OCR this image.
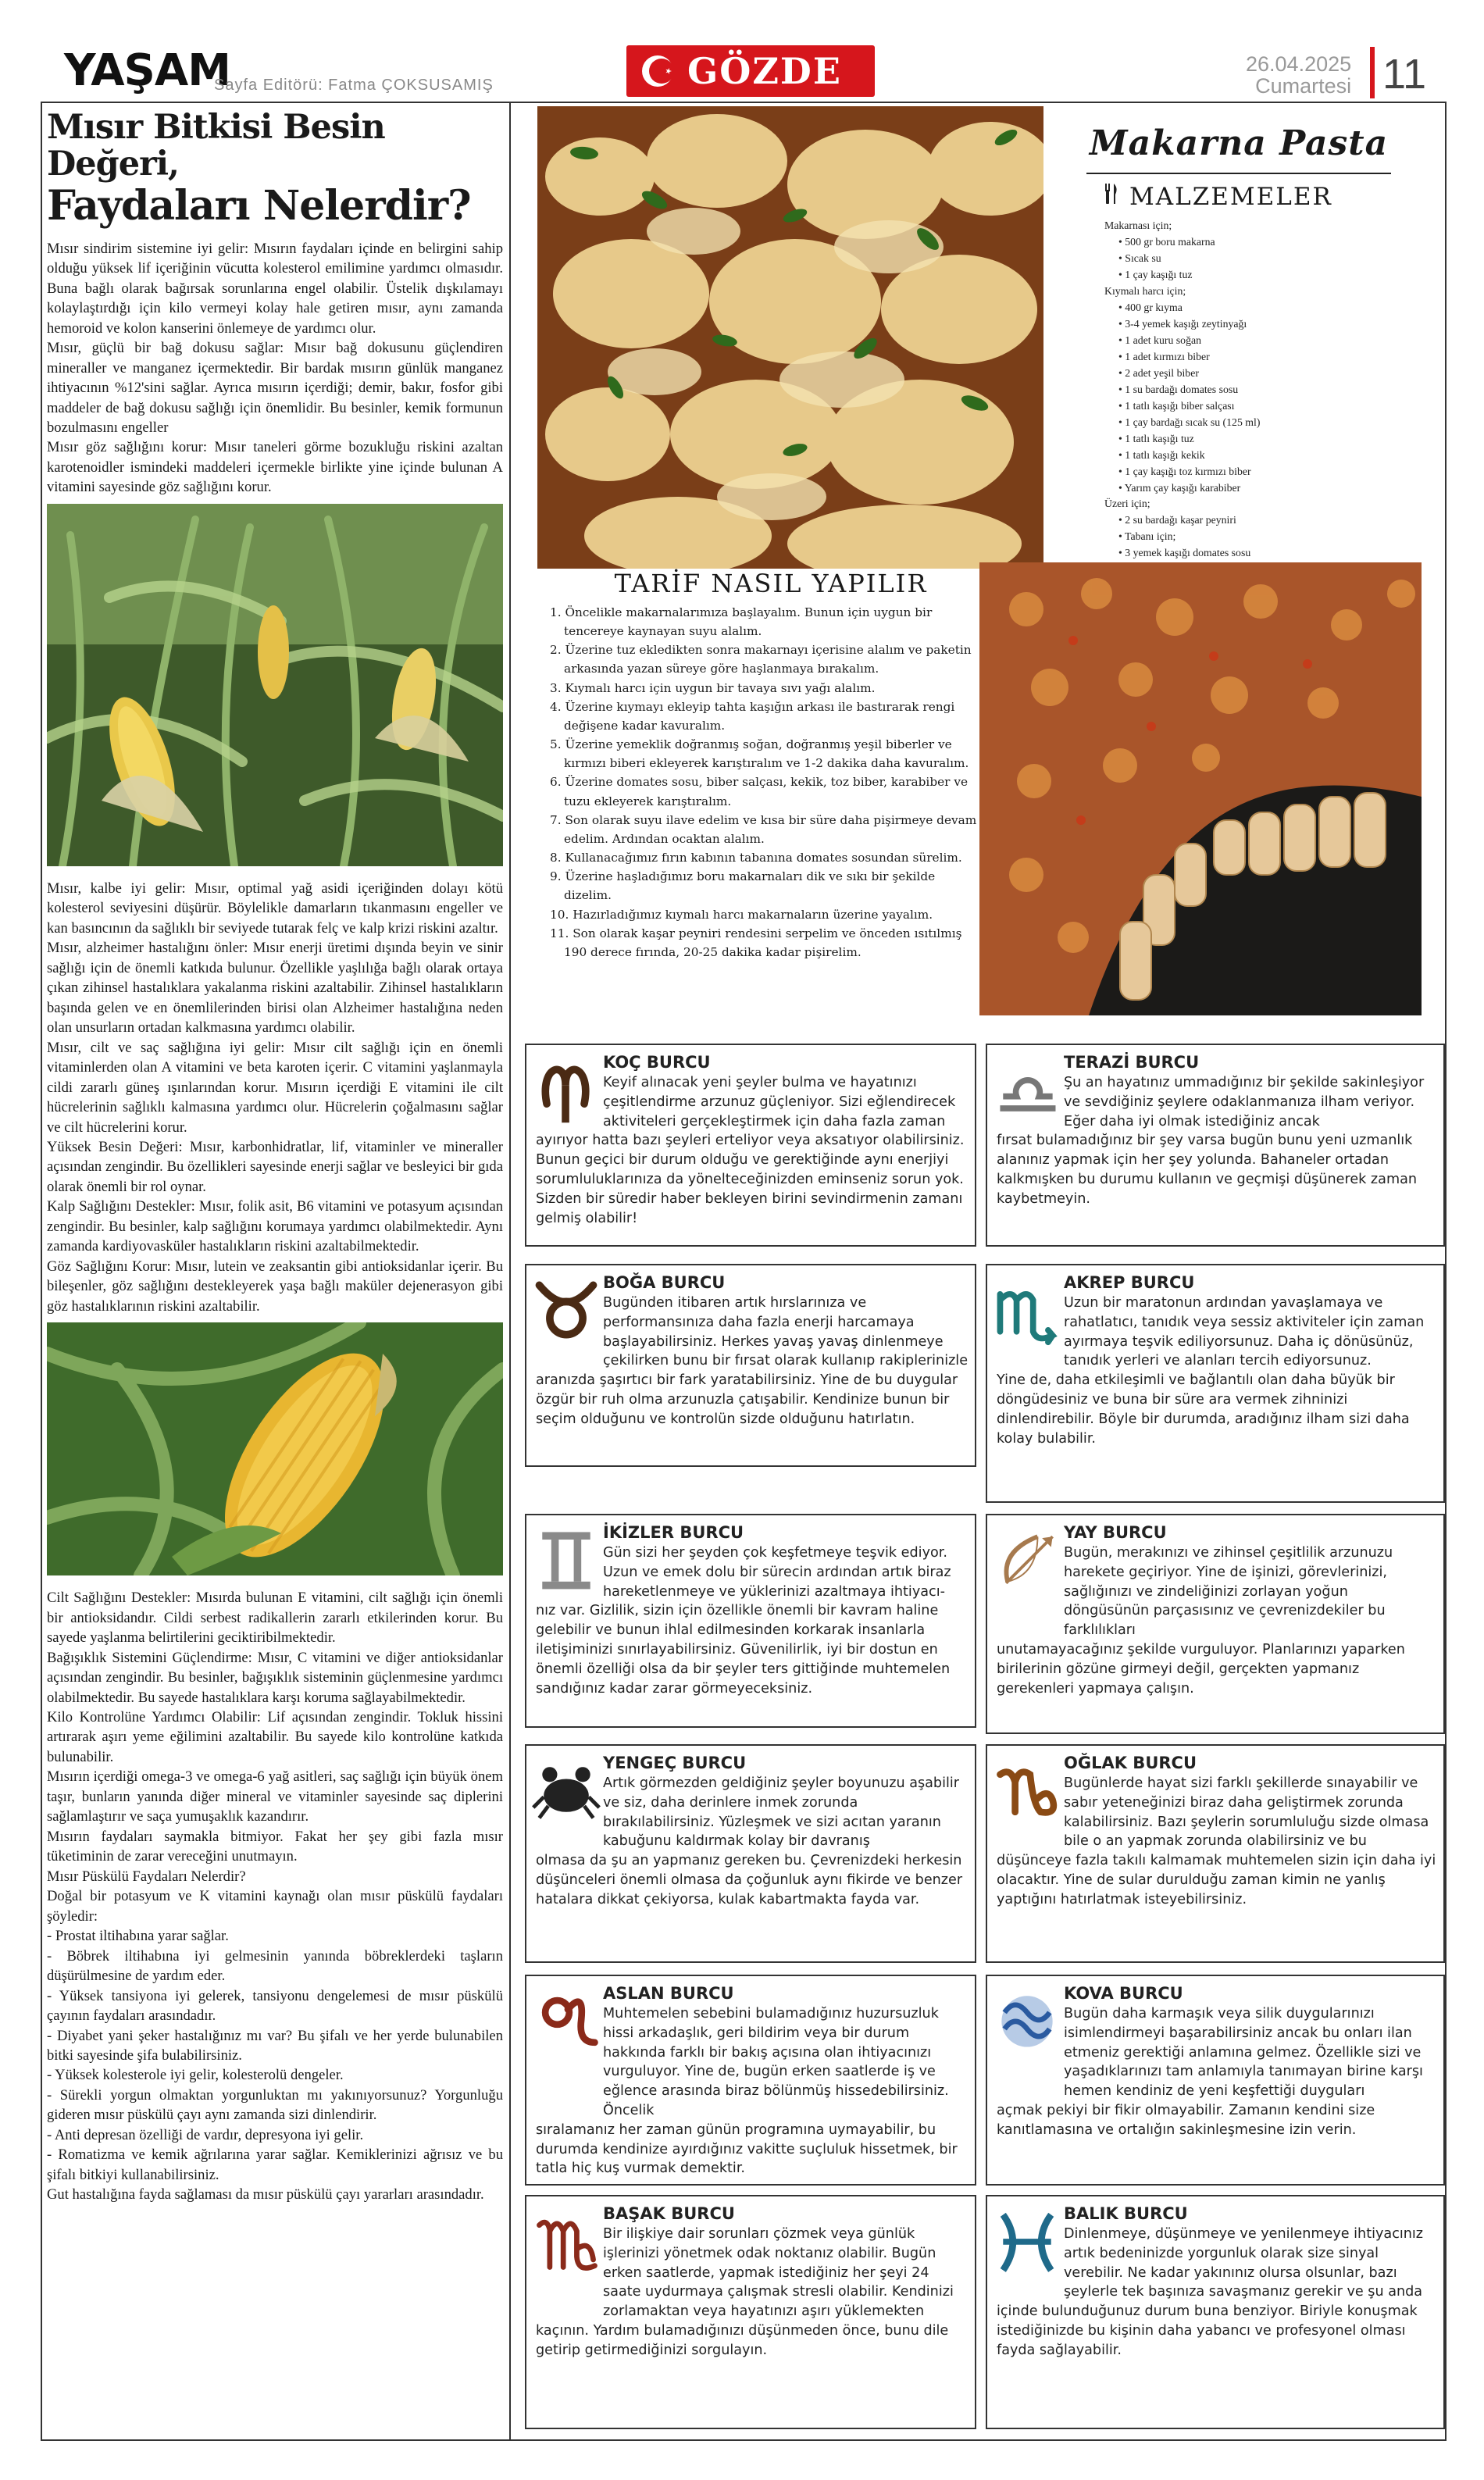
YAŞAM
Sayfa Editörü: Fatma ÇOKSUSAMIŞ	GÖZDE	26.04.2025
Cumartesi 11
Mısır Bitkisi Besin Değeri,
Faydaları Nelerdir?

Mısır sindirim sistemine iyi gelir: Mısırın faydaları içinde en belirgini sahip olduğu yüksek lif içeriğinin vücutta kolesterol emilimine yardımcı olmasıdır. Buna bağlı olarak bağırsak sorunlarına engel olabilir. Üstelik dışkılamayı kolaylaştırdığı için kilo vermeyi kolay hale getiren mısır, aynı zamanda hemoroid ve kolon kanserini önlemeye de yardımcı olur.

Mısır, güçlü bir bağ dokusu sağlar: Mısır bağ dokusunu güçlendiren mineraller ve manganez içermektedir. Bir bardak mısırın günlük manganez ihtiyacının %12'sini sağlar. Ayrıca mısırın içerdiği; demir, bakır, fosfor gibi maddeler de bağ dokusu sağlığı için önemlidir. Bu besinler, kemik formunun bozulmasını engeller

Mısır göz sağlığını korur: Mısır taneleri görme bozukluğu riskini azaltan karotenoidler ismindeki maddeleri içermekle birlikte yine içinde bulunan A vitamini sayesinde göz sağlığını korur.

Mısır, kalbe iyi gelir: Mısır, optimal yağ asidi içeriğinden dolayı kötü kolesterol seviyesini düşürür. Böylelikle damarların tıkanmasını engeller ve kan basıncının da sağlıklı bir seviyede tutarak felç ve kalp krizi riskini azaltır.

Mısır, alzheimer hastalığını önler: Mısır enerji üretimi dışında beyin ve sinir sağlığı için de önemli katkıda bulunur. Özellikle yaşlılığa bağlı olarak ortaya çıkan zihinsel hastalıklara yakalanma riskini azaltabilir. Zihinsel hastalıkların başında gelen ve en önemlilerinden birisi olan Alzheimer hastalığına neden olan unsurların ortadan kalkmasına yardımcı olabilir.

Mısır, cilt ve saç sağlığına iyi gelir: Mısır cilt sağlığı için en önemli vitaminlerden olan A vitamini ve beta karoten içerir. C vitamini yaşlanmayla cildi zararlı güneş ışınlarından korur. Mısırın içerdiği E vitamini ile cilt hücrelerinin sağlıklı kalmasına yardımcı olur. Hücrelerin çoğalmasını sağlar ve cilt hücrelerini korur.

Yüksek Besin Değeri: Mısır, karbonhidratlar, lif, vitaminler ve mineraller açısından zengindir. Bu özellikleri sayesinde enerji sağlar ve besleyici bir gıda olarak önemli bir rol oynar.

Kalp Sağlığını Destekler: Mısır, folik asit, B6 vitamini ve potasyum açısından zengindir. Bu besinler, kalp sağlığını korumaya yardımcı olabilmektedir. Aynı zamanda kardiyovasküler hastalıkların riskini azaltabilmektedir.

Göz Sağlığını Korur: Mısır, lutein ve zeaksantin gibi antioksidanlar içerir. Bu bileşenler, göz sağlığını destekleyerek yaşa bağlı maküler dejenerasyon gibi göz hastalıklarının riskini azaltabilir.

Cilt Sağlığını Destekler: Mısırda bulunan E vitamini, cilt sağlığı için önemli bir antioksidandır. Cildi serbest radikallerin zararlı etkilerinden korur. Bu sayede yaşlanma belirtilerini geciktiribilmektedir.

Bağışıklık Sistemini Güçlendirme: Mısır, C vitamini ve diğer antioksidanlar açısından zengindir. Bu besinler, bağışıklık sisteminin güçlenmesine yardımcı olabilmektedir. Bu sayede hastalıklara karşı koruma sağlayabilmektedir.

Kilo Kontrolüne Yardımcı Olabilir: Lif açısından zengindir. Tokluk hissini artırarak aşırı yeme eğilimini azaltabilir. Bu sayede kilo kontrolüne katkıda bulunabilir.

Mısırın içerdiği omega-3 ve omega-6 yağ asitleri, saç sağlığı için büyük önem taşır, bunların yanında diğer mineral ve vitaminler sayesinde saç diplerini sağlamlaştırır ve saça yumuşaklık kazandırır.

Mısırın faydaları saymakla bitmiyor. Fakat her şey gibi fazla mısır tüketiminin de zarar vereceğini unutmayın.

Mısır Püskülü Faydaları Nelerdir?

Doğal bir potasyum ve K vitamini kaynağı olan mısır püskülü faydaları şöyledir:

- Prostat iltihabına yarar sağlar.

- Böbrek iltihabına iyi gelmesinin yanında böbreklerdeki taşların düşürülmesine de yardım eder.

- Yüksek tansiyona iyi gelerek, tansiyonu dengelemesi de mısır püskülü çayının faydaları arasındadır.

- Diyabet yani şeker hastalığınız mı var? Bu şifalı ve her yerde bulunabilen bitki sayesinde şifa bulabilirsiniz.

- Yüksek kolesterole iyi gelir, kolesterolü dengeler.

- Sürekli yorgun olmaktan yorgunluktan mı yakınıyorsunuz? Yorgunluğu gideren mısır püskülü çayı aynı zamanda sizi dinlendirir.

- Anti depresan özelliği de vardır, depresyona iyi gelir.

- Romatizma ve kemik ağrılarına yarar sağlar. Kemiklerinizi ağrısız ve bu şifalı bitkiyi kullanabilirsiniz.

Gut hastalığına fayda sağlaması da mısır püskülü çayı yararları arasındadır.

Makarna Pasta
MALZEMELER
Makarnası için;
• 500 gr boru makarna
• Sıcak su
• 1 çay kaşığı tuz
Kıymalı harcı için;
• 400 gr kıyma
• 3-4 yemek kaşığı zeytinyağı
• 1 adet kuru soğan
• 1 adet kırmızı biber
• 2 adet yeşil biber
• 1 su bardağı domates sosu
• 1 tatlı kaşığı biber salçası
• 1 çay bardağı sıcak su (125 ml)
• 1 tatlı kaşığı tuz
• 1 tatlı kaşığı kekik
• 1 çay kaşığı toz kırmızı biber
• Yarım çay kaşığı karabiber
Üzeri için;
• 2 su bardağı kaşar peyniri
• Tabanı için;
• 3 yemek kaşığı domates sosu
TARİF NASIL YAPILIR
1. Öncelikle makarnalarımıza başlayalım. Bunun için uygun bir tencereye kaynayan suyu alalım.
2. Üzerine tuz ekledikten sonra makarnayı içerisine alalım ve paketin arkasında yazan süreye göre haşlanmaya bırakalım.
3. Kıymalı harcı için uygun bir tavaya sıvı yağı alalım.
4. Üzerine kıymayı ekleyip tahta kaşığın arkası ile bastırarak rengi değişene kadar kavuralım.
5. Üzerine yemeklik doğranmış soğan, doğranmış yeşil biberler ve kırmızı biberi ekleyerek karıştıralım ve 1-2 dakika daha kavuralım.
6. Üzerine domates sosu, biber salçası, kekik, toz biber, karabiber ve tuzu ekleyerek karıştıralım.
7. Son olarak suyu ilave edelim ve kısa bir süre daha pişirmeye devam edelim. Ardından ocaktan alalım.
8. Kullanacağımız fırın kabının tabanına domates sosundan sürelim.
9. Üzerine haşladığımız boru makarnaları dik ve sıkı bir şekilde dizelim.
10. Hazırladığımız kıymalı harcı makarnaların üzerine yayalım.
11. Son olarak kaşar peyniri rendesini serpelim ve önceden ısıtılmış 190 derece fırında, 20-25 dakika kadar pişirelim.
KOÇ BURCU
Keyif alınacak yeni şeyler bulma ve hayatınızı çeşitlendirme arzunuz güçleniyor. Sizi eğlendirecek aktiviteleri gerçekleştirmek için daha fazla zaman
ayırıyor hatta bazı şeyleri erteliyor veya aksatıyor olabilirsiniz. Bunun geçici bir durum olduğu ve gerektiğinde aynı enerjiyi sorumluluklarınıza da yönelteceğinizden eminseniz sorun yok. Sizden bir süredir haber bekleyen birini sevindirmenin zamanı gelmiş olabilir!
TERAZİ BURCU
Şu an hayatınız ummadığınız bir şekilde sakinleşiyor ve sevdiğiniz şeylere odaklanmanıza ilham veriyor. Eğer daha iyi olmak istediğiniz ancak
fırsat bulamadığınız bir şey varsa bugün bunu yeni uzmanlık alanınız yapmak için her şey yolunda. Bahaneler ortadan kalkmışken bu durumu kullanın ve geçmişi düşünerek zaman kaybetmeyin.
BOĞA BURCU
Bugünden itibaren artık hırslarınıza ve performansınıza daha fazla enerji harcamaya başlayabilirsiniz. Herkes yavaş yavaş dinlenmeye çekilirken bunu bir fırsat olarak kullanıp rakiplerinizle
aranızda şaşırtıcı bir fark yaratabilirsiniz. Yine de bu duygular özgür bir ruh olma arzunuzla çatışabilir. Kendinize bunun bir seçim olduğunu ve kontrolün sizde olduğunu hatırlatın.
AKREP BURCU
Uzun bir maratonun ardından yavaşlamaya ve rahatlatıcı, tanıdık veya sessiz aktiviteler için zaman ayırmaya teşvik ediliyorsunuz. Daha iç dönüsünüz, tanıdık yerleri ve alanları tercih ediyorsunuz.
Yine de, daha etkileşimli ve bağlantılı olan daha büyük bir döngüdesiniz ve buna bir süre ara vermek zihninizi dinlendirebilir. Böyle bir durumda, aradığınız ilham sizi daha kolay bulabilir.
İKİZLER BURCU
Gün sizi her şeyden çok keşfetmeye teşvik ediyor. Uzun ve emek dolu bir sürecin ardından artık biraz hareketlenmeye ve yüklerinizi azaltmaya ihtiyacı-
nız var. Gizlilik, sizin için özellikle önemli bir kavram haline gelebilir ve bunun ihlal edilmesinden korkarak insanlarla iletişiminizi sınırlayabilirsiniz. Güvenilirlik, iyi bir dostun en önemli özelliği olsa da bir şeyler ters gittiğinde muhtemelen sandığınız kadar zarar görmeyeceksiniz.
YAY BURCU
Bugün, merakınızı ve zihinsel çeşitlilik arzunuzu harekete geçiriyor. Yine de işinizi, görevlerinizi, sağlığınızı ve zindeliğinizi zorlayan yoğun döngüsünün parçasısınız ve çevrenizdekiler bu farklılıkları
unutamayacağınız şekilde vurguluyor. Planlarınızı yaparken birilerinin gözüne girmeyi değil, gerçekten yapmanız gerekenleri yapmaya çalışın.
YENGEÇ BURCU
Artık görmezden geldiğiniz şeyler boyunuzu aşabilir ve siz, daha derinlere inmek zorunda bırakılabilirsiniz. Yüzleşmek ve sizi acıtan yaranın kabuğunu kaldırmak kolay bir davranış
olmasa da şu an yapmanız gereken bu. Çevrenizdeki herkesin düşünceleri önemli olmasa da çoğunluk aynı fikirde ve benzer hatalara dikkat çekiyorsa, kulak kabartmakta fayda var.
OĞLAK BURCU
Bugünlerde hayat sizi farklı şekillerde sınayabilir ve sabır yeteneğinizi biraz daha geliştirmek zorunda kalabilirsiniz. Bazı şeylerin sorumluluğu sizde olmasa bile o an yapmak zorunda olabilirsiniz ve bu
düşünceye fazla takılı kalmamak muhtemelen sizin için daha iyi olacaktır. Yine de sular durulduğu zaman kimin ne yanlış yaptığını hatırlatmak isteyebilirsiniz.
ASLAN BURCU
Muhtemelen sebebini bulamadığınız huzursuzluk hissi arkadaşlık, geri bildirim veya bir durum hakkında farklı bir bakış açısına olan ihtiyacınızı vurguluyor. Yine de, bugün erken saatlerde iş ve eğlence arasında biraz bölünmüş hissedebilirsiniz. Öncelik
sıralamanız her zaman günün programına uymayabilir, bu durumda kendinize ayırdığınız vakitte suçluluk hissetmek, bir tatla hiç kuş vurmak demektir.
KOVA BURCU
Bugün daha karmaşık veya silik duygularınızı isimlendirmeyi başarabilirsiniz ancak bu onları ilan etmeniz gerektiği anlamına gelmez. Özellikle sizi ve yaşadıklarınızı tam anlamıyla tanımayan birine karşı hemen kendiniz de yeni keşfettiği duyguları
açmak pekiyi bir fikir olmayabilir. Zamanın kendini size kanıtlamasına ve ortalığın sakinleşmesine izin verin.
BAŞAK BURCU
Bir ilişkiye dair sorunları çözmek veya günlük işlerinizi yönetmek odak noktanız olabilir. Bugün erken saatlerde, yapmak istediğiniz her şeyi 24 saate uydurmaya çalışmak stresli olabilir. Kendinizi zorlamaktan veya hayatınızı aşırı yüklemekten
kaçının. Yardım bulamadığınızı düşünmeden önce, bunu dile getirip getirmediğinizi sorgulayın.
BALIK BURCU
Dinlenmeye, düşünmeye ve yenilenmeye ihtiyacınız artık bedeninizde yorgunluk olarak size sinyal verebilir. Ne kadar yakınınız olursa olsunlar, bazı şeylerle tek başınıza savaşmanız gerekir ve şu anda
içinde bulunduğunuz durum buna benziyor. Biriyle konuşmak istediğinizde bu kişinin daha yabancı ve profesyonel olması fayda sağlayabilir.
